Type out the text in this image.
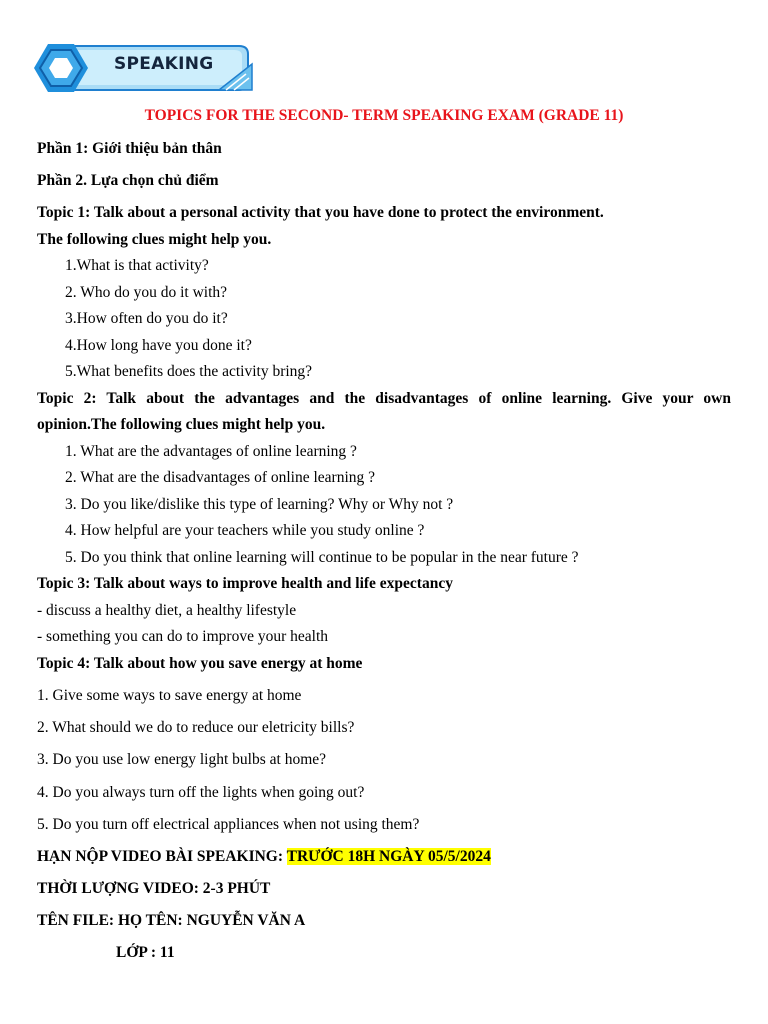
SPEAKING
TOPICS FOR THE SECOND- TERM SPEAKING EXAM (GRADE 11)
Phần 1: Giới thiệu bản thân
Phần 2. Lựa chọn chủ điểm
Topic 1: Talk about a personal activity that you have done to protect the environment.
The following clues might help you.
1.What is that activity?
2. Who do you do it with?
3.How often do you do it?
4.How long have you done it?
5.What benefits does the activity bring?
Topic 2: Talk about the advantages and the disadvantages of online learning. Give your own
opinion.The following clues might help you.
1. What are the advantages of online learning ?
2. What are the disadvantages of online learning ?
3. Do you like/dislike this type of learning? Why or Why not ?
4. How helpful are your teachers while you study online ?
5. Do you think that online learning will continue to be popular in the near future ?
Topic 3: Talk about ways to improve health and life expectancy
- discuss a healthy diet, a healthy lifestyle
- something you can do to improve your health
Topic 4: Talk about how you save energy at home
1. Give some ways to save energy at home
2. What should we do to reduce our eletricity bills?
3. Do you use low energy light bulbs at home?
4. Do you always turn off the lights when going out?
5. Do you turn off electrical appliances when not using them?
HẠN NỘP VIDEO BÀI SPEAKING: TRƯỚC 18H NGÀY 05/5/2024
THỜI LƯỢNG VIDEO: 2-3 PHÚT
TÊN FILE: HỌ TÊN: NGUYỄN VĂN A
LỚP : 11
